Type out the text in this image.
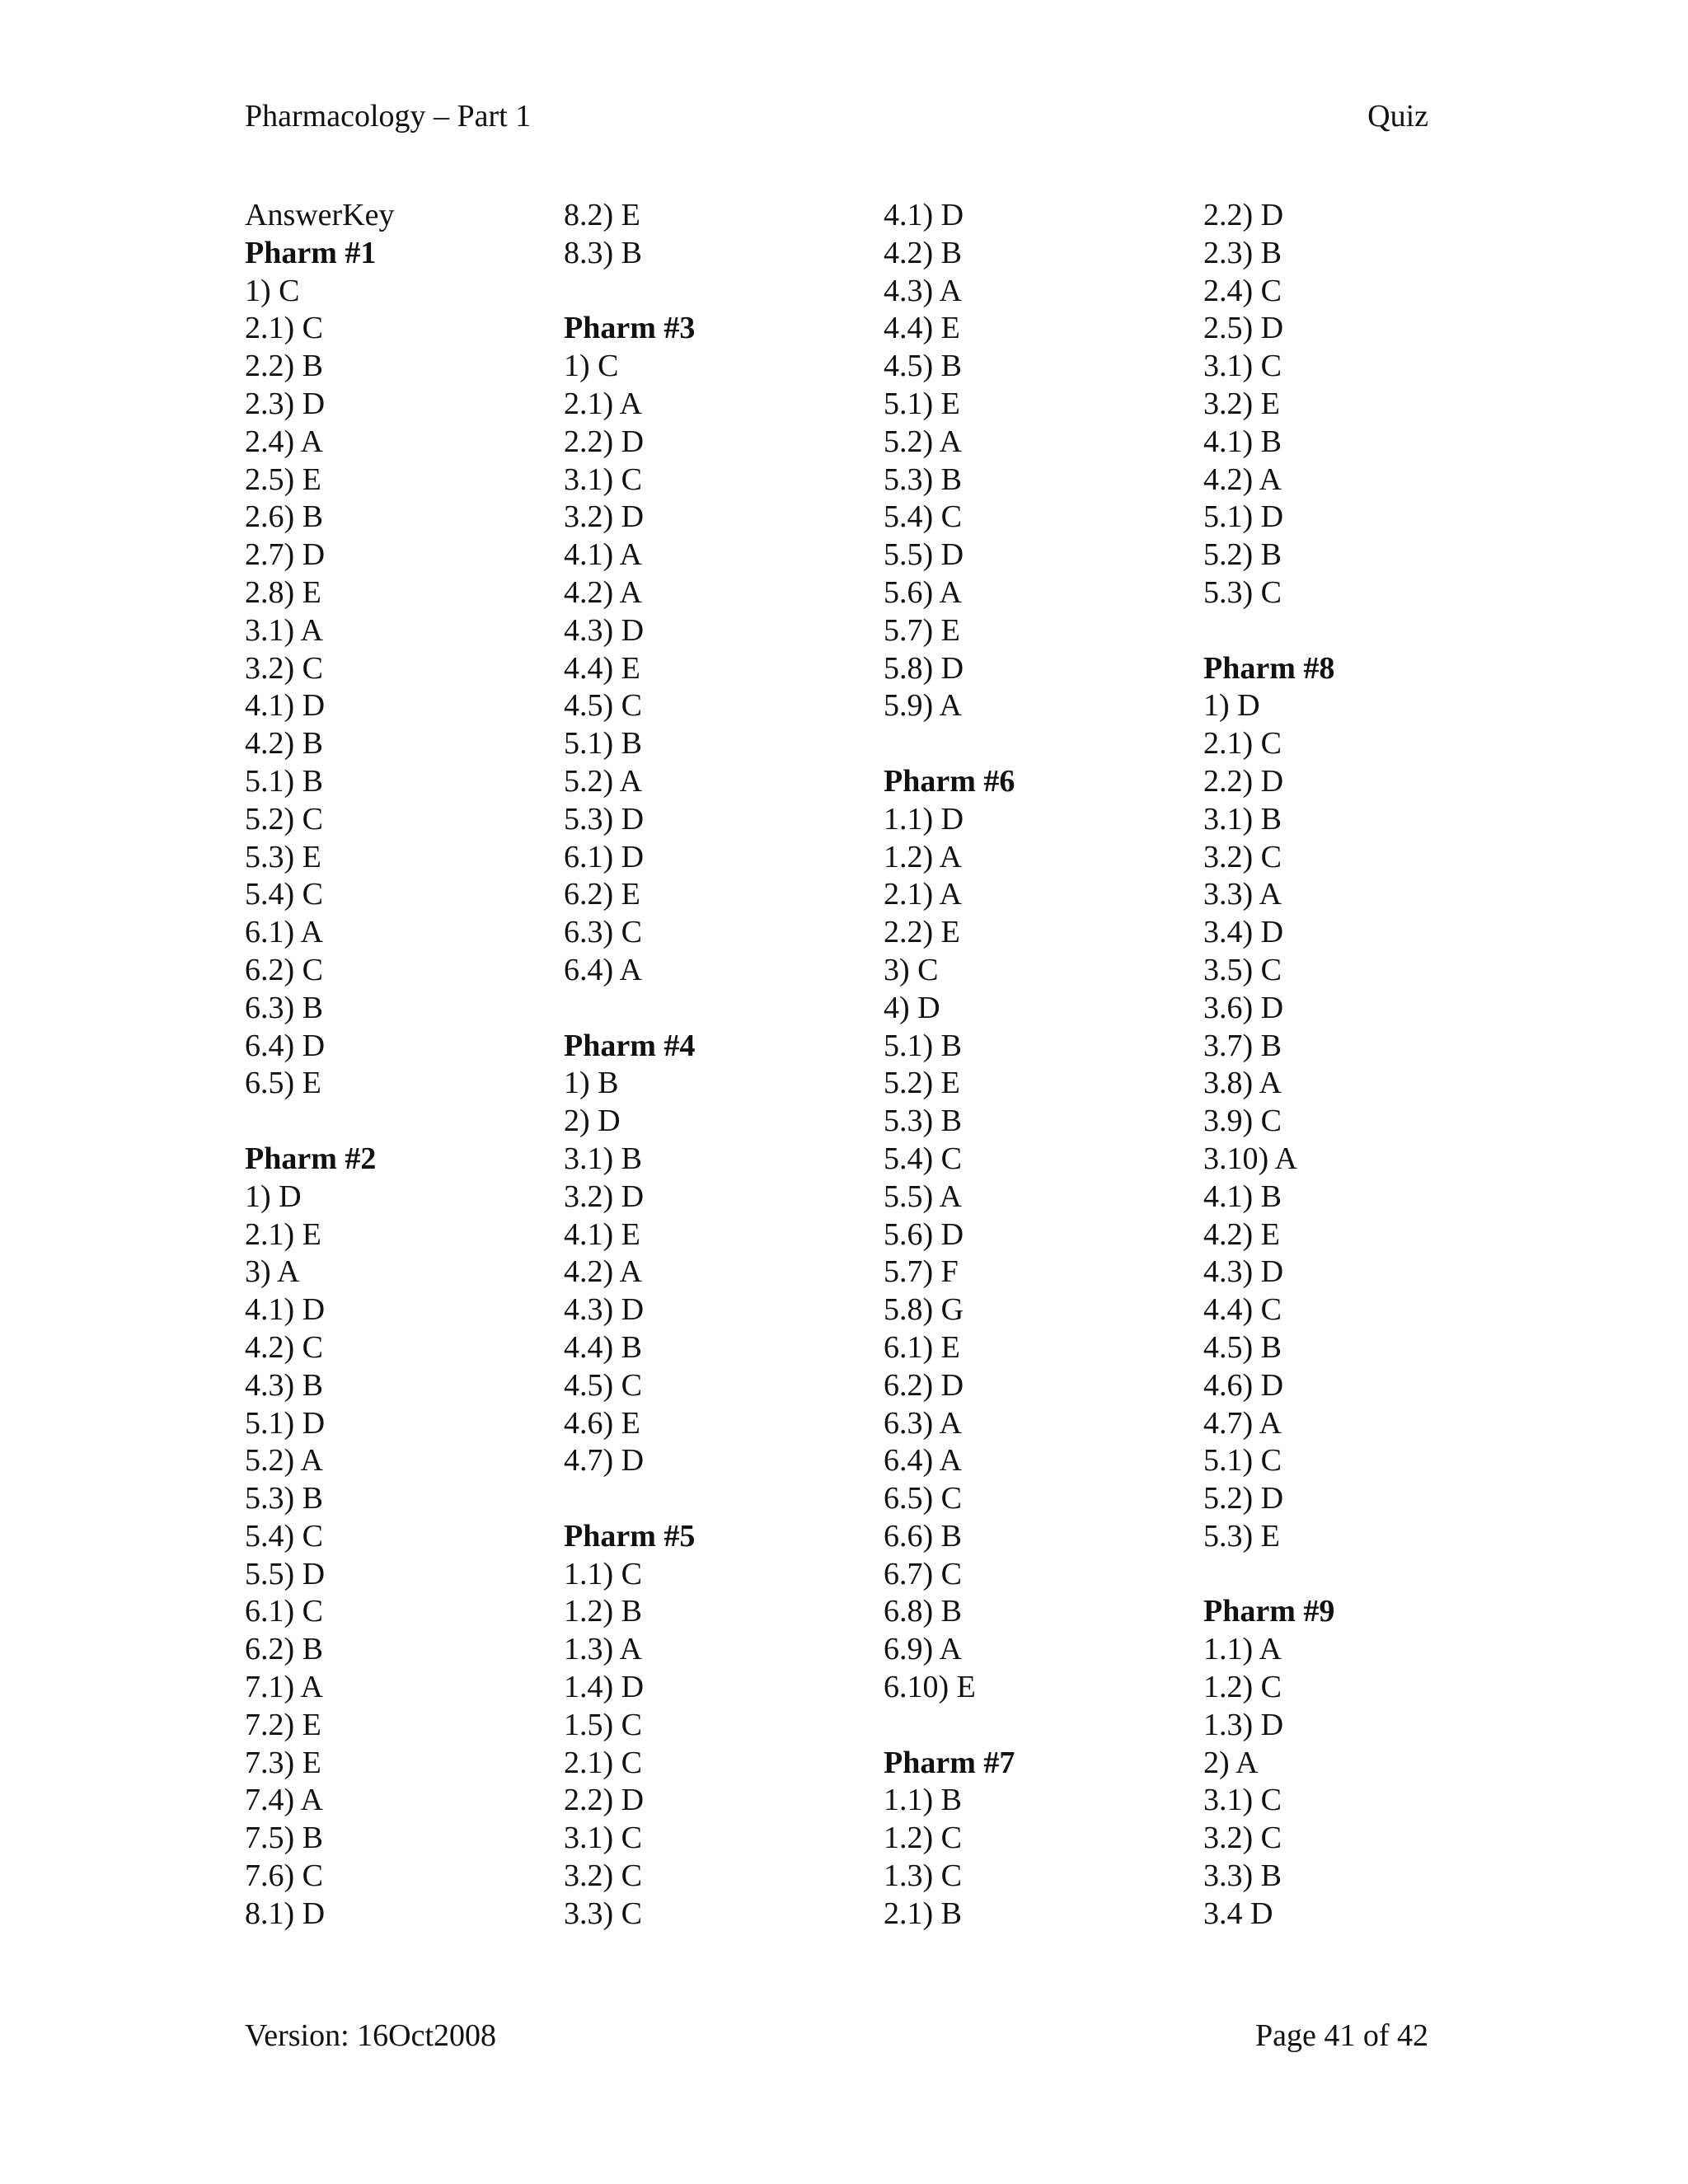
Pharmacology – Part 1	Quiz
AnswerKey
Pharm #1
1) C
2.1) C
2.2) B
2.3) D
2.4) A
2.5) E
2.6) B
2.7) D
2.8) E
3.1) A
3.2) C
4.1) D
4.2) B
5.1) B
5.2) C
5.3) E
5.4) C
6.1) A
6.2) C
6.3) B
6.4) D
6.5) E
Pharm #2
1) D
2.1) E
3) A
4.1) D
4.2) C
4.3) B
5.1) D
5.2) A
5.3) B
5.4) C
5.5) D
6.1) C
6.2) B
7.1) A
7.2) E
7.3) E
7.4) A
7.5) B
7.6) C
8.1) D
8.2) E
8.3) B
Pharm #3
1) C
2.1) A
2.2) D
3.1) C
3.2) D
4.1) A
4.2) A
4.3) D
4.4) E
4.5) C
5.1) B
5.2) A
5.3) D
6.1) D
6.2) E
6.3) C
6.4) A
Pharm #4
1) B
2) D
3.1) B
3.2) D
4.1) E
4.2) A
4.3) D
4.4) B
4.5) C
4.6) E
4.7) D
Pharm #5
1.1) C
1.2) B
1.3) A
1.4) D
1.5) C
2.1) C
2.2) D
3.1) C
3.2) C
3.3) C
4.1) D
4.2) B
4.3) A
4.4) E
4.5) B
5.1) E
5.2) A
5.3) B
5.4) C
5.5) D
5.6) A
5.7) E
5.8) D
5.9) A
Pharm #6
1.1) D
1.2) A
2.1) A
2.2) E
3) C
4) D
5.1) B
5.2) E
5.3) B
5.4) C
5.5) A
5.6) D
5.7) F
5.8) G
6.1) E
6.2) D
6.3) A
6.4) A
6.5) C
6.6) B
6.7) C
6.8) B
6.9) A
6.10) E
Pharm #7
1.1) B
1.2) C
1.3) C
2.1) B
2.2) D
2.3) B
2.4) C
2.5) D
3.1) C
3.2) E
4.1) B
4.2) A
5.1) D
5.2) B
5.3) C
Pharm #8
1) D
2.1) C
2.2) D
3.1) B
3.2) C
3.3) A
3.4) D
3.5) C
3.6) D
3.7) B
3.8) A
3.9) C
3.10) A
4.1) B
4.2) E
4.3) D
4.4) C
4.5) B
4.6) D
4.7) A
5.1) C
5.2) D
5.3) E
Pharm #9
1.1) A
1.2) C
1.3) D
2) A
3.1) C
3.2) C
3.3) B
3.4 D
Version: 16Oct2008	Page 41 of 42
